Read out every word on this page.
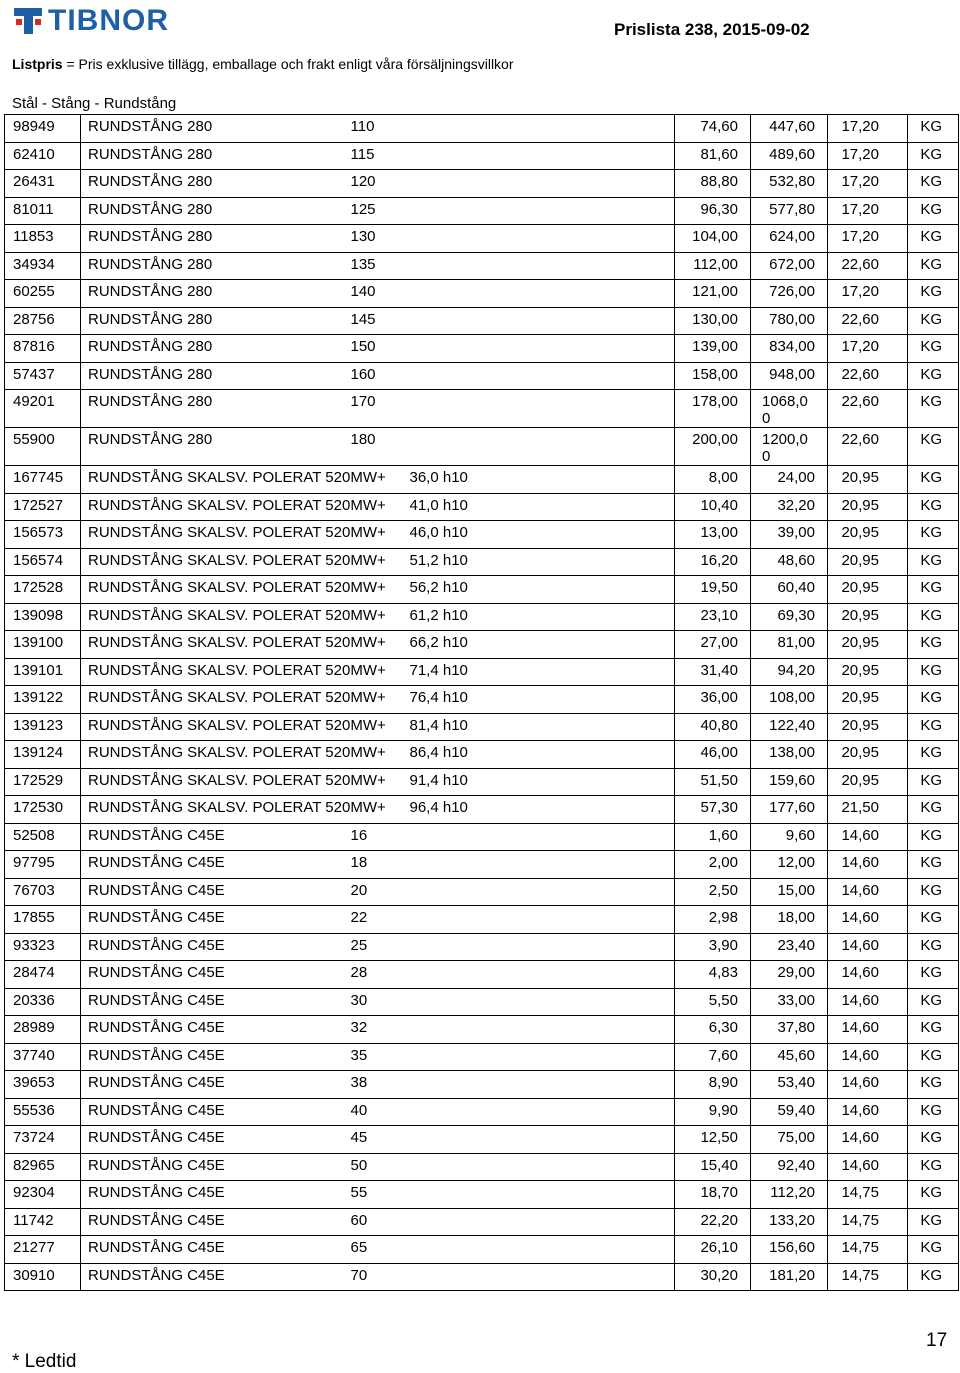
TIBNOR	Prislista 238, 2015-09-02
Listpris = Pris exklusive tillägg, emballage och frakt enligt våra försäljningsvillkor
Stål - Stång - Rundstång
98949	RUNDSTÅNG 280	110	74,60	447,60	17,20	KG

62410	RUNDSTÅNG 280	115	81,60	489,60	17,20	KG

26431	RUNDSTÅNG 280	120	88,80	532,80	17,20	KG

81011	RUNDSTÅNG 280	125	96,30	577,80	17,20	KG

11853	RUNDSTÅNG 280	130	104,00	624,00	17,20	KG

34934	RUNDSTÅNG 280	135	112,00	672,00	22,60	KG

60255	RUNDSTÅNG 280	140	121,00	726,00	17,20	KG

28756	RUNDSTÅNG 280	145	130,00	780,00	22,60	KG

87816	RUNDSTÅNG 280	150	139,00	834,00	17,20	KG

57437	RUNDSTÅNG 280	160	158,00	948,00	22,60	KG

49201	RUNDSTÅNG 280	170	178,00	1068,00	22,60	KG

55900	RUNDSTÅNG 280	180	200,00	1200,00	22,60	KG

167745	RUNDSTÅNG SKALSV. POLERAT 520MW+	36,0 h10	8,00	24,00	20,95	KG

172527	RUNDSTÅNG SKALSV. POLERAT 520MW+	41,0 h10	10,40	32,20	20,95	KG

156573	RUNDSTÅNG SKALSV. POLERAT 520MW+	46,0 h10	13,00	39,00	20,95	KG

156574	RUNDSTÅNG SKALSV. POLERAT 520MW+	51,2 h10	16,20	48,60	20,95	KG

172528	RUNDSTÅNG SKALSV. POLERAT 520MW+	56,2 h10	19,50	60,40	20,95	KG

139098	RUNDSTÅNG SKALSV. POLERAT 520MW+	61,2 h10	23,10	69,30	20,95	KG

139100	RUNDSTÅNG SKALSV. POLERAT 520MW+	66,2 h10	27,00	81,00	20,95	KG

139101	RUNDSTÅNG SKALSV. POLERAT 520MW+	71,4 h10	31,40	94,20	20,95	KG

139122	RUNDSTÅNG SKALSV. POLERAT 520MW+	76,4 h10	36,00	108,00	20,95	KG

139123	RUNDSTÅNG SKALSV. POLERAT 520MW+	81,4 h10	40,80	122,40	20,95	KG

139124	RUNDSTÅNG SKALSV. POLERAT 520MW+	86,4 h10	46,00	138,00	20,95	KG

172529	RUNDSTÅNG SKALSV. POLERAT 520MW+	91,4 h10	51,50	159,60	20,95	KG

172530	RUNDSTÅNG SKALSV. POLERAT 520MW+	96,4 h10	57,30	177,60	21,50	KG

52508	RUNDSTÅNG C45E	16	1,60	9,60	14,60	KG

97795	RUNDSTÅNG C45E	18	2,00	12,00	14,60	KG

76703	RUNDSTÅNG C45E	20	2,50	15,00	14,60	KG

17855	RUNDSTÅNG C45E	22	2,98	18,00	14,60	KG

93323	RUNDSTÅNG C45E	25	3,90	23,40	14,60	KG

28474	RUNDSTÅNG C45E	28	4,83	29,00	14,60	KG

20336	RUNDSTÅNG C45E	30	5,50	33,00	14,60	KG

28989	RUNDSTÅNG C45E	32	6,30	37,80	14,60	KG

37740	RUNDSTÅNG C45E	35	7,60	45,60	14,60	KG

39653	RUNDSTÅNG C45E	38	8,90	53,40	14,60	KG

55536	RUNDSTÅNG C45E	40	9,90	59,40	14,60	KG

73724	RUNDSTÅNG C45E	45	12,50	75,00	14,60	KG

82965	RUNDSTÅNG C45E	50	15,40	92,40	14,60	KG

92304	RUNDSTÅNG C45E	55	18,70	112,20	14,75	KG

11742	RUNDSTÅNG C45E	60	22,20	133,20	14,75	KG

21277	RUNDSTÅNG C45E	65	26,10	156,60	14,75	KG

30910	RUNDSTÅNG C45E	70	30,20	181,20	14,75	KG
17
* Ledtid
